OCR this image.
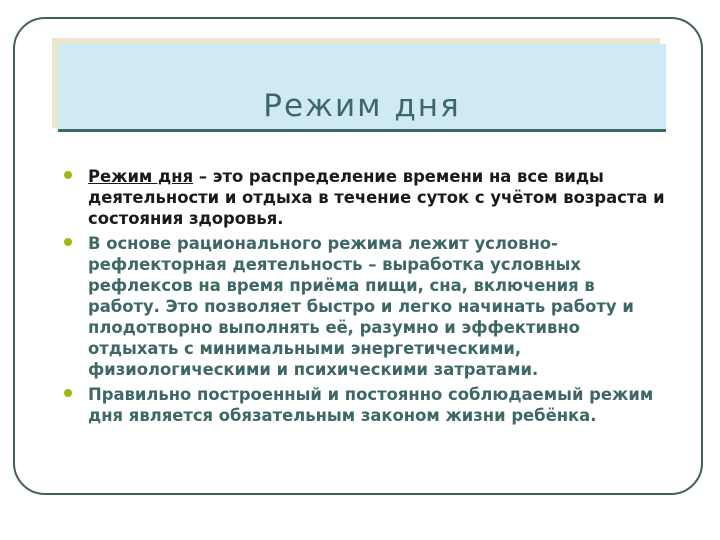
Режим дня
Режим дня – это распределение времени на все виды деятельности и отдыха в течение суток с учётом возраста и состояния здоровья.
В основе рационального режима лежит условно-рефлекторная деятельность – выработка условных рефлексов на время приёма пищи, сна, включения в работу. Это позволяет быстро и легко начинать работу и плодотворно выполнять её, разумно и эффективно отдыхать с минимальными энергетическими, физиологическими и психическими затратами.
Правильно построенный и постоянно соблюдаемый режим дня является обязательным законом жизни ребёнка.
